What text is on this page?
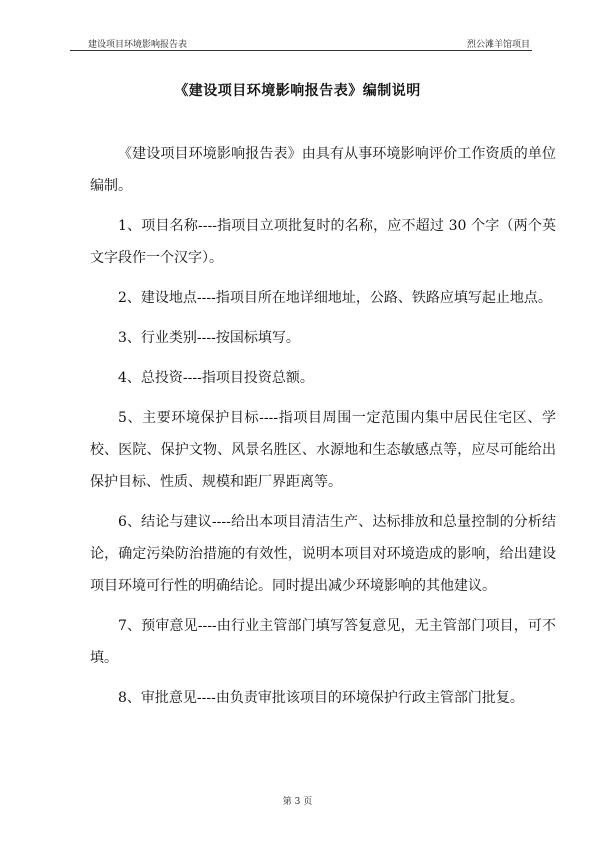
建设项目环境影响报告表	烈公滩羊馆项目
《建设项目环境影响报告表》编制说明

《建设项目环境影响报告表》由具有从事环境影响评价工作资质的单位编制。

1、项目名称----指项目立项批复时的名称，应不超过 30 个字（两个英文字段作一个汉字）。

2、建设地点----指项目所在地详细地址，公路、铁路应填写起止地点。

3、行业类别----按国标填写。

4、总投资----指项目投资总额。

5、主要环境保护目标----指项目周围一定范围内集中居民住宅区、学校、医院、保护文物、风景名胜区、水源地和生态敏感点等，应尽可能给出保护目标、性质、规模和距厂界距离等。

6、结论与建议----给出本项目清洁生产、达标排放和总量控制的分析结论，确定污染防治措施的有效性，说明本项目对环境造成的影响，给出建设项目环境可行性的明确结论。同时提出减少环境影响的其他建议。

7、预审意见----由行业主管部门填写答复意见，无主管部门项目，可不填。

8、审批意见----由负责审批该项目的环境保护行政主管部门批复。

第 3 页
